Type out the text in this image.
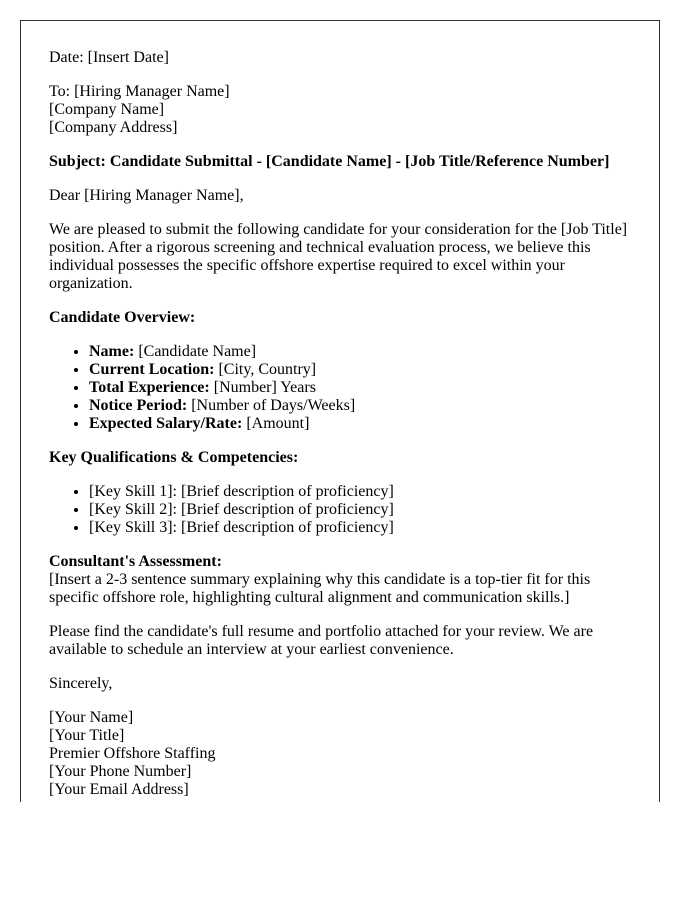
Date: [Insert Date]

To: [Hiring Manager Name]
[Company Name]
[Company Address]

Subject: Candidate Submittal - [Candidate Name] - [Job Title/Reference Number]

Dear [Hiring Manager Name],

We are pleased to submit the following candidate for your consideration for the [Job Title] position. After a rigorous screening and technical evaluation process, we believe this individual possesses the specific offshore expertise required to excel within your organization.

Candidate Overview:

• Name: [Candidate Name]
• Current Location: [City, Country]
• Total Experience: [Number] Years
• Notice Period: [Number of Days/Weeks]
• Expected Salary/Rate: [Amount]

Key Qualifications & Competencies:

• [Key Skill 1]: [Brief description of proficiency]
• [Key Skill 2]: [Brief description of proficiency]
• [Key Skill 3]: [Brief description of proficiency]

Consultant's Assessment:
[Insert a 2-3 sentence summary explaining why this candidate is a top-tier fit for this specific offshore role, highlighting cultural alignment and communication skills.]

Please find the candidate's full resume and portfolio attached for your review. We are available to schedule an interview at your earliest convenience.

Sincerely,

[Your Name]
[Your Title]
Premier Offshore Staffing
[Your Phone Number]
[Your Email Address]
